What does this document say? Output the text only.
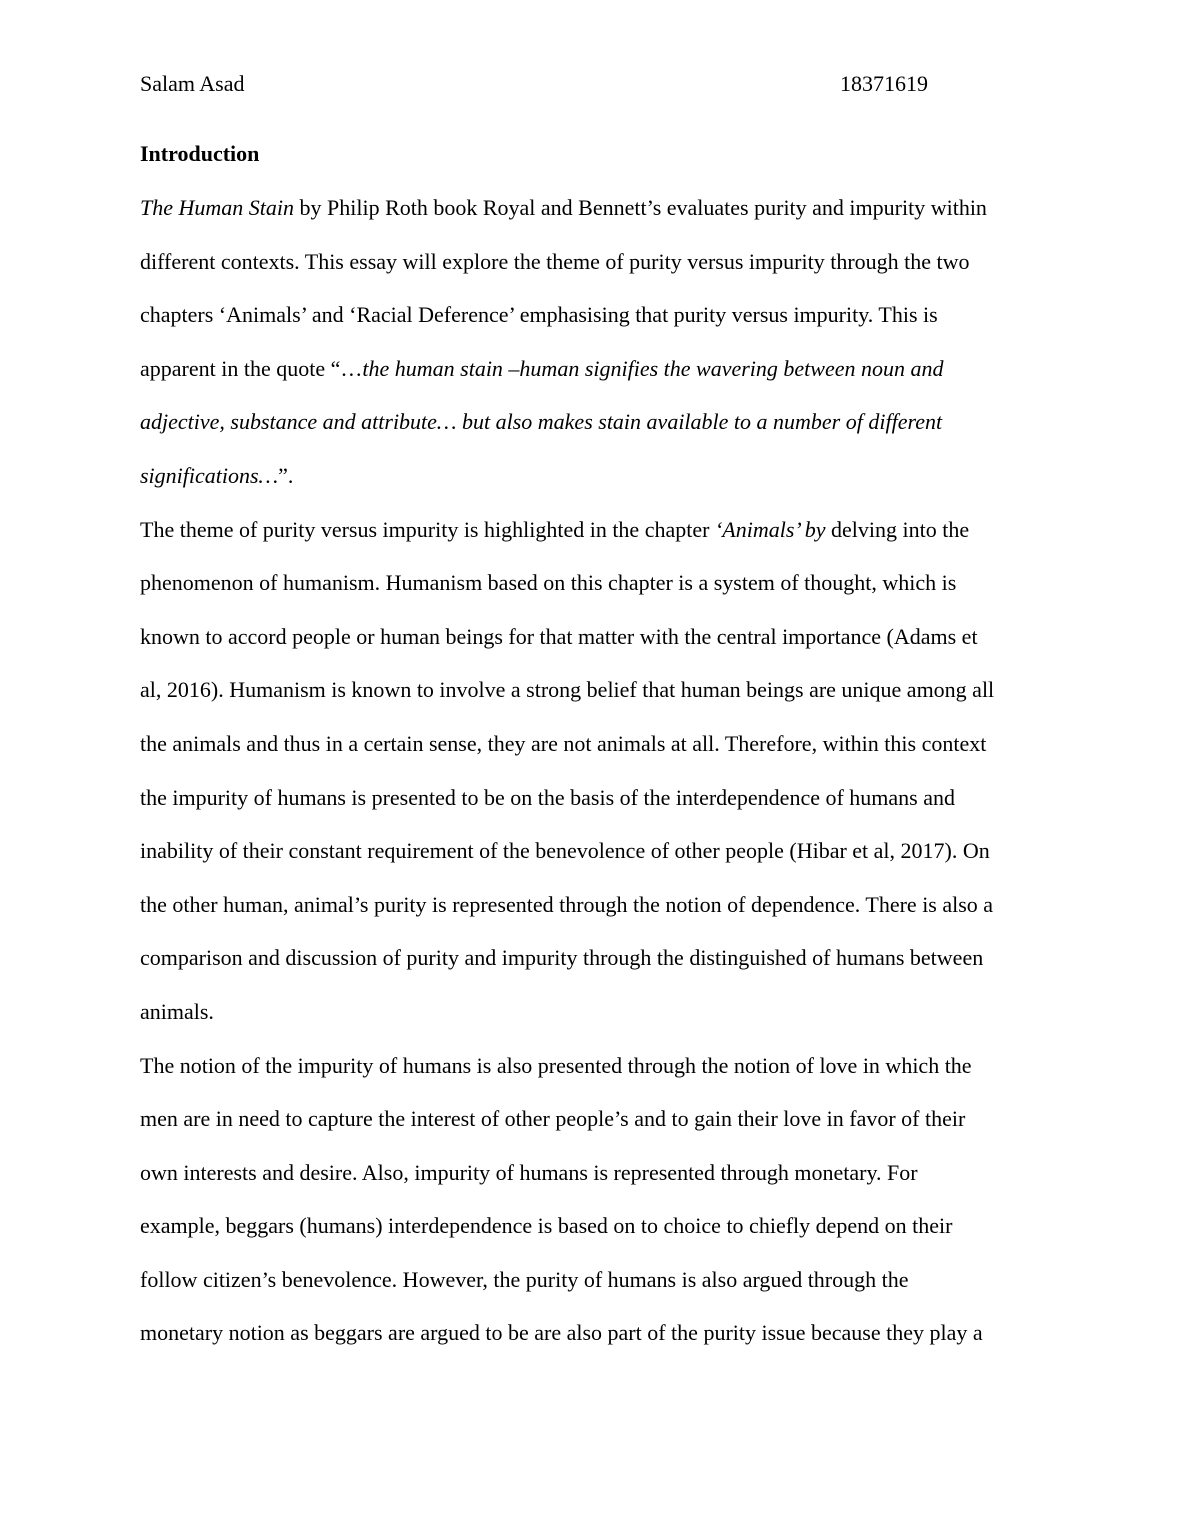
Salam Asad	18371619
Introduction
The Human Stain by Philip Roth book Royal and Bennett’s evaluates purity and impurity within
different contexts. This essay will explore the theme of purity versus impurity through the two
chapters ‘Animals’ and ‘Racial Deference’ emphasising that purity versus impurity. This is
apparent in the quote “…the human stain –human signifies the wavering between noun and
adjective, substance and attribute… but also makes stain available to a number of different
significations…”.
The theme of purity versus impurity is highlighted in the chapter ‘Animals’ by delving into the
phenomenon of humanism. Humanism based on this chapter is a system of thought, which is
known to accord people or human beings for that matter with the central importance (Adams et
al, 2016). Humanism is known to involve a strong belief that human beings are unique among all
the animals and thus in a certain sense, they are not animals at all. Therefore, within this context
the impurity of humans is presented to be on the basis of the interdependence of humans and
inability of their constant requirement of the benevolence of other people (Hibar et al, 2017). On
the other human, animal’s purity is represented through the notion of dependence. There is also a
comparison and discussion of purity and impurity through the distinguished of humans between
animals.
The notion of the impurity of humans is also presented through the notion of love in which the
men are in need to capture the interest of other people’s and to gain their love in favor of their
own interests and desire. Also, impurity of humans is represented through monetary. For
example, beggars (humans) interdependence is based on to choice to chiefly depend on their
follow citizen’s benevolence. However, the purity of humans is also argued through the
monetary notion as beggars are argued to be are also part of the purity issue because they play a
